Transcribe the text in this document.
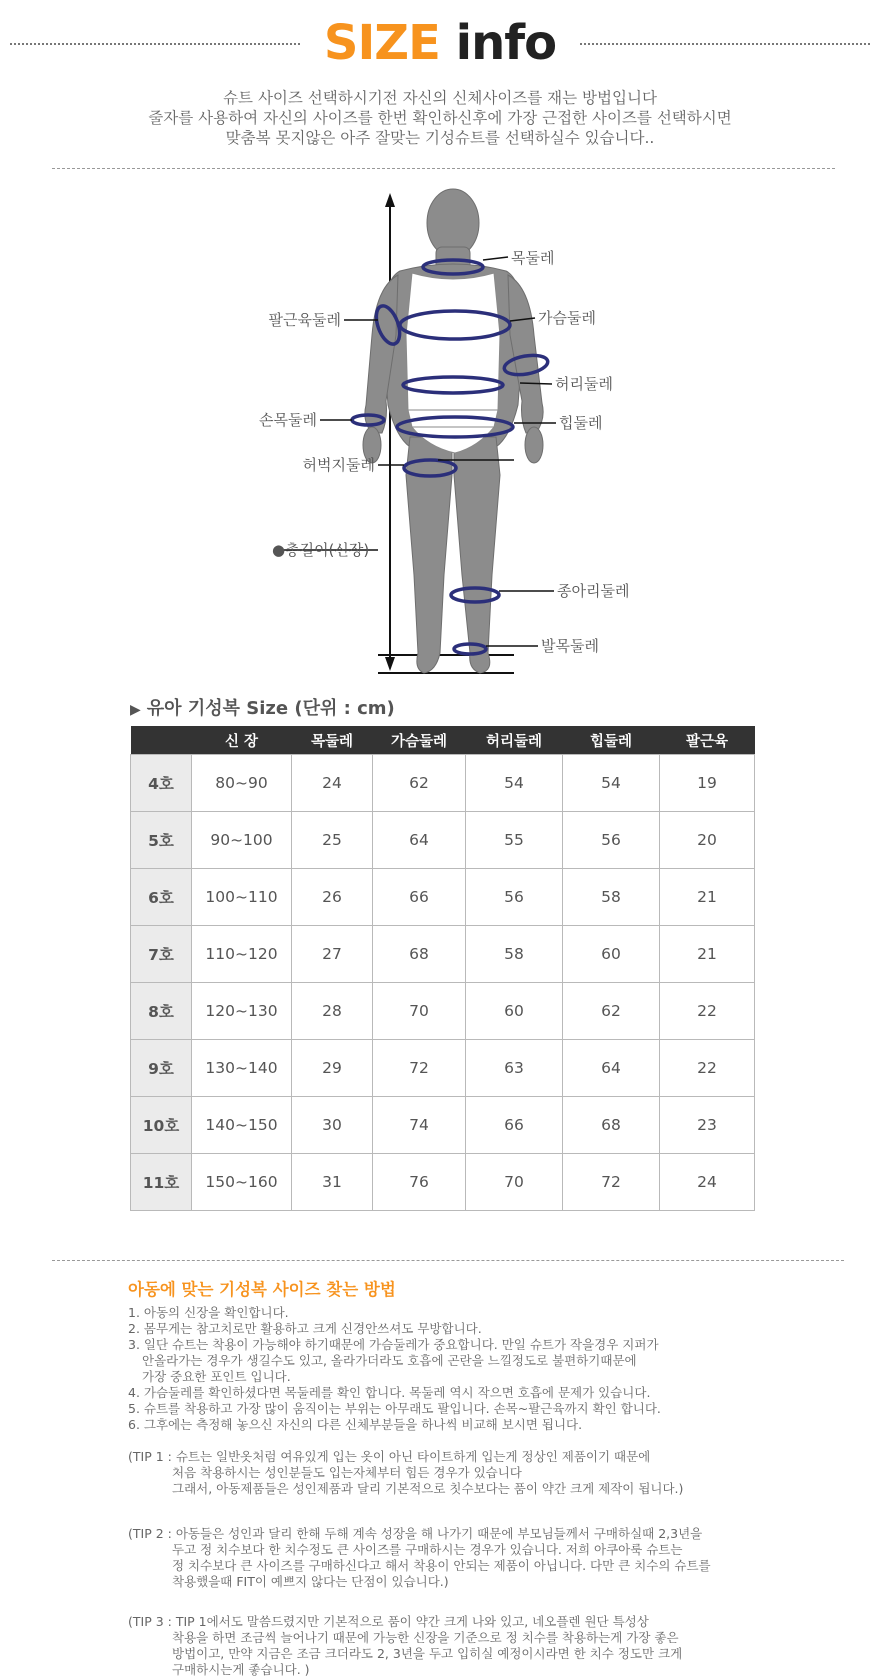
SIZE info
슈트 사이즈 선택하시기전 자신의 신체사이즈를 재는 방법입니다
줄자를 사용하여 자신의 사이즈를 한번 확인하신후에 가장 근접한 사이즈를 선택하시면
맞춤복 못지않은 아주 잘맞는 기성슈트를 선택하실수 있습니다..
목둘레
팔근육둘레	가슴둘레
허리둘레
손목둘레	힙둘레
허벅지둘레
●총길이(신장)
종아리둘레
발목둘레
▶ 유아 기성복 Size (단위 : cm)
	신 장	목둘레	가슴둘레	허리둘레	힙둘레	팔근육
4호	80~90	24	62	54	54	19
5호	90~100	25	64	55	56	20
6호	100~110	26	66	56	58	21
7호	110~120	27	68	58	60	21
8호	120~130	28	70	60	62	22
9호	130~140	29	72	63	64	22
10호	140~150	30	74	66	68	23
11호	150~160	31	76	70	72	24
아동에 맞는 기성복 사이즈 찾는 방법
1. 아동의 신장을 확인합니다.
2. 몸무게는 참고치로만 활용하고 크게 신경안쓰셔도 무방합니다.
3. 일단 슈트는 착용이 가능해야 하기때문에 가슴둘레가 중요합니다. 만일 슈트가 작을경우 지퍼가
안올라가는 경우가 생길수도 있고, 올라가더라도 호흡에 곤란을 느낄정도로 불편하기때문에
가장 중요한 포인트 입니다.
4. 가슴둘레를 확인하셨다면 목둘레를 확인 합니다. 목둘레 역시 작으면 호흡에 문제가 있습니다.
5. 슈트를 착용하고 가장 많이 움직이는 부위는 아무래도 팔입니다. 손목~팔근육까지 확인 합니다.
6. 그후에는 측정해 놓으신 자신의 다른 신체부분들을 하나씩 비교해 보시면 됩니다.
(TIP 1 : 슈트는 일반옷처럼 여유있게 입는 옷이 아닌 타이트하게 입는게 정상인 제품이기 때문에
처음 착용하시는 성인분들도 입는자체부터 힘든 경우가 있습니다
그래서, 아동제품들은 성인제품과 달리 기본적으로 칫수보다는 품이 약간 크게 제작이 됩니다.)
(TIP 2 : 아동들은 성인과 달리 한해 두해 계속 성장을 해 나가기 때문에 부모님들께서 구매하실때 2,3년을
두고 정 치수보다 한 치수정도 큰 사이즈를 구매하시는 경우가 있습니다. 저희 아쿠아룩 슈트는
정 치수보다 큰 사이즈를 구매하신다고 해서 착용이 안되는 제품이 아닙니다. 다만 큰 치수의 슈트를
착용했을때 FIT이 예쁘지 않다는 단점이 있습니다.)
(TIP 3 : TIP 1에서도 말씀드렸지만 기본적으로 품이 약간 크게 나와 있고, 네오플렌 원단 특성상
착용을 하면 조금씩 늘어나기 때문에 가능한 신장을 기준으로 정 치수를 착용하는게 가장 좋은
방법이고, 만약 지금은 조금 크더라도 2, 3년을 두고 입히실 예정이시라면 한 치수 정도만 크게
구매하시는게 좋습니다. )
